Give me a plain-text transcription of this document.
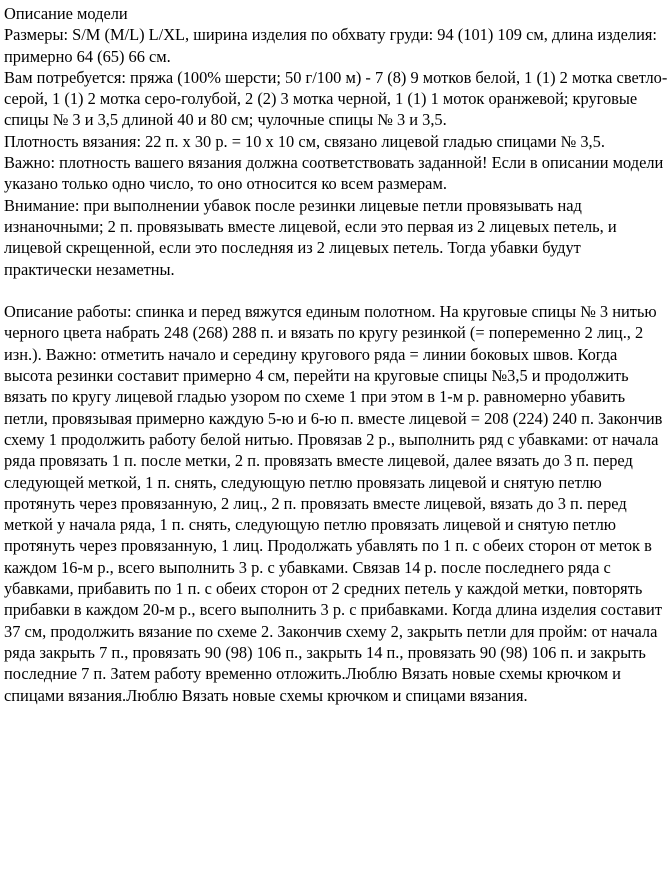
Описание модели

Размеры: S/M (M/L) L/XL, ширина изделия по обхвату груди: 94 (101) 109 см, длина изделия: примерно 64 (65) 66 см.

Вам потребуется: пряжа (100% шерсти; 50 г/100 м) - 7 (8) 9 мотков белой, 1 (1) 2 мотка светло-серой, 1 (1) 2 мотка серо-голубой, 2 (2) 3 мотка черной, 1 (1) 1 моток оранжевой; круговые спицы № 3 и 3,5 длиной 40 и 80 см; чулочные спицы № 3 и 3,5.

Плотность вязания: 22 п. х 30 р. = 10 х 10 см, связано лицевой гладью спицами № 3,5.

Важно: плотность вашего вязания должна соответствовать заданной! Если в описании модели указано только одно число, то оно относится ко всем размерам.

Внимание: при выполнении убавок после резинки лицевые петли провязывать над изнаночными; 2 п. провязывать вместе лицевой, если это первая из 2 лицевых петель, и лицевой скрещенной, если это последняя из 2 лицевых петель. Тогда убавки будут практически незаметны.

Описание работы: спинка и перед вяжутся единым полотном. На круговые спицы № 3 нитью черного цвета набрать 248 (268) 288 п. и вязать по кругу резинкой (= попеременно 2 лиц., 2 изн.). Важно: отметить начало и середину кругового ряда = линии боковых швов. Когда высота резинки составит примерно 4 см, перейти на круговые спицы №3,5 и продолжить вязать по кругу лицевой гладью узором по схеме 1 при этом в 1-м р. равномерно убавить петли, провязывая примерно каждую 5-ю и 6-ю п. вместе лицевой = 208 (224) 240 п. Закончив схему 1 продолжить работу белой нитью. Провязав 2 р., выполнить ряд с убавками: от начала ряда провязать 1 п. после метки, 2 п. провязать вместе лицевой, далее вязать до 3 п. перед следующей меткой, 1 п. снять, следующую петлю провязать лицевой и снятую петлю протянуть через провязанную, 2 лиц., 2 п. провязать вместе лицевой, вязать до 3 п. перед меткой у начала ряда, 1 п. снять, следующую петлю провязать лицевой и снятую петлю протянуть через провязанную, 1 лиц. Продолжать убавлять по 1 п. с обеих сторон от меток в каждом 16-м р., всего выполнить 3 р. с убавками. Связав 14 р. после последнего ряда с убавками, прибавить по 1 п. с обеих сторон от 2 средних петель у каждой метки, повторять прибавки в каждом 20-м р., всего выполнить 3 р. с прибавками. Когда длина изделия составит 37 см, продолжить вязание по схеме 2. Закончив схему 2, закрыть петли для пройм: от начала ряда закрыть 7 п., провязать 90 (98) 106 п., закрыть 14 п., провязать 90 (98) 106 п. и закрыть последние 7 п. Затем работу временно отложить.Люблю Вязать новые схемы крючком и спицами вязания.Люблю Вязать новые схемы крючком и спицами вязания.
